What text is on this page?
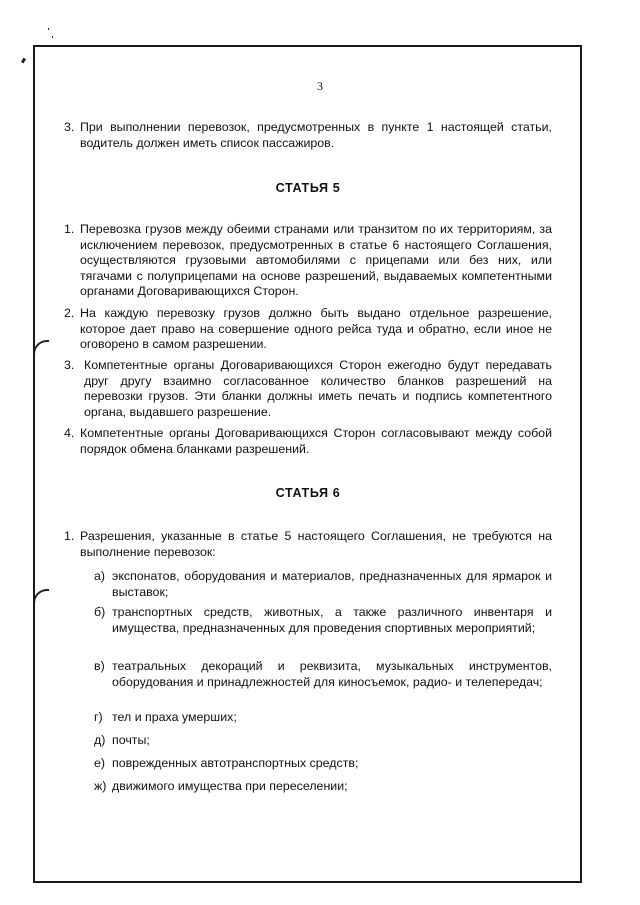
3
3. При выполнении перевозок, предусмотренных в пункте 1 настоящей статьи, водитель должен иметь список пассажиров.

СТАТЬЯ 5
1. Перевозка грузов между обеими странами или транзитом по их территориям, за исключением перевозок, предусмотренных в статье 6 настоящего Соглашения, осуществляются грузовыми автомобилями с прицепами или без них, или тягачами с полуприцепами на основе разрешений, выдаваемых компетентными органами Договаривающихся Сторон.

2. На каждую перевозку грузов должно быть выдано отдельное разрешение, которое дает право на совершение одного рейса туда и обратно, если иное не оговорено в самом разрешении.

3. Компетентные органы Договаривающихся Сторон ежегодно будут передавать друг другу взаимно согласованное количество бланков разрешений на перевозки грузов. Эти бланки должны иметь печать и подпись компетентного органа, выдавшего разрешение.

4. Компетентные органы Договаривающихся Сторон согласовывают между собой порядок обмена бланками разрешений.

СТАТЬЯ 6
1. Разрешения, указанные в статье 5 настоящего Соглашения, не требуются на выполнение перевозок:

а) экспонатов, оборудования и материалов, предназначенных для ярмарок и выставок;

б) транспортных средств, животных, а также различного инвентаря и имущества, предназначенных для проведения спортивных мероприятий;

в) театральных декораций и реквизита, музыкальных инструментов, оборудования и принадлежностей для киносъемок, радио- и телепередач;

г) тел и праха умерших;

д) почты;

е) поврежденных автотранспортных средств;

ж) движимого имущества при переселении;
